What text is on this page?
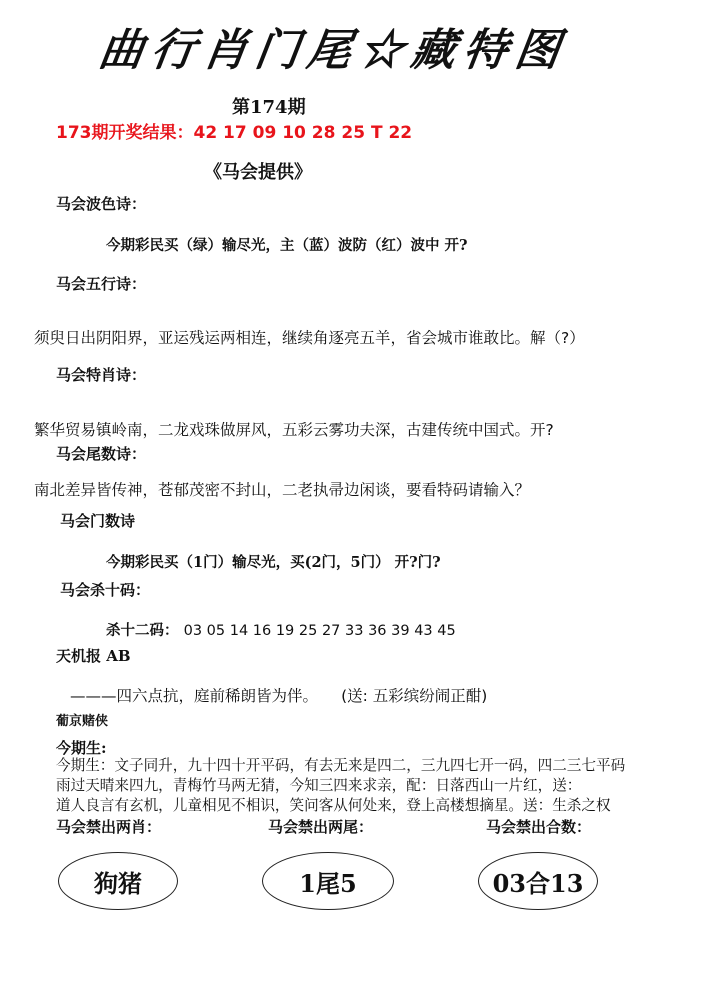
曲行肖门尾☆藏特图
第174期
173期开奖结果：42 17 09 10 28 25 T 22
《马会提供》
马会波色诗：
今期彩民买（绿）输尽光，主（蓝）波防（红）波中 开?
马会五行诗：
须臾日出阴阳界，亚运残运两相连，继续角逐亮五羊，省会城市谁敢比。解（?）
马会特肖诗：
繁华贸易镇岭南，二龙戏珠做屏风，五彩云雾功夫深，古建传统中国式。开?
马会尾数诗：
南北差异皆传神，苍郁茂密不封山，二老执帚边闲谈，要看特码请输入？
马会门数诗
今期彩民买（1门）输尽光，买(2门，5门） 开?门?
马会杀十码：
杀十二码： 03 05 14 16 19 25 27 33 36 39 43 45
天机报 AB
———四六点抗，庭前稀朗皆为伴。 (送: 五彩缤纷闹正酣)
葡京赌侠
今期生:
今期生：文子同升，九十四十开平码，有去无来是四二，三九四七开一码，四二三七平码
雨过天晴来四九，青梅竹马两无猜，今知三四来求亲，配：日落西山一片红，送：
道人良言有玄机，儿童相见不相识，笑问客从何处来，登上高楼想摘星。送：生杀之权
马会禁出两肖：	马会禁出两尾：	马会禁出合数：
狗猪	1尾5	03合13
